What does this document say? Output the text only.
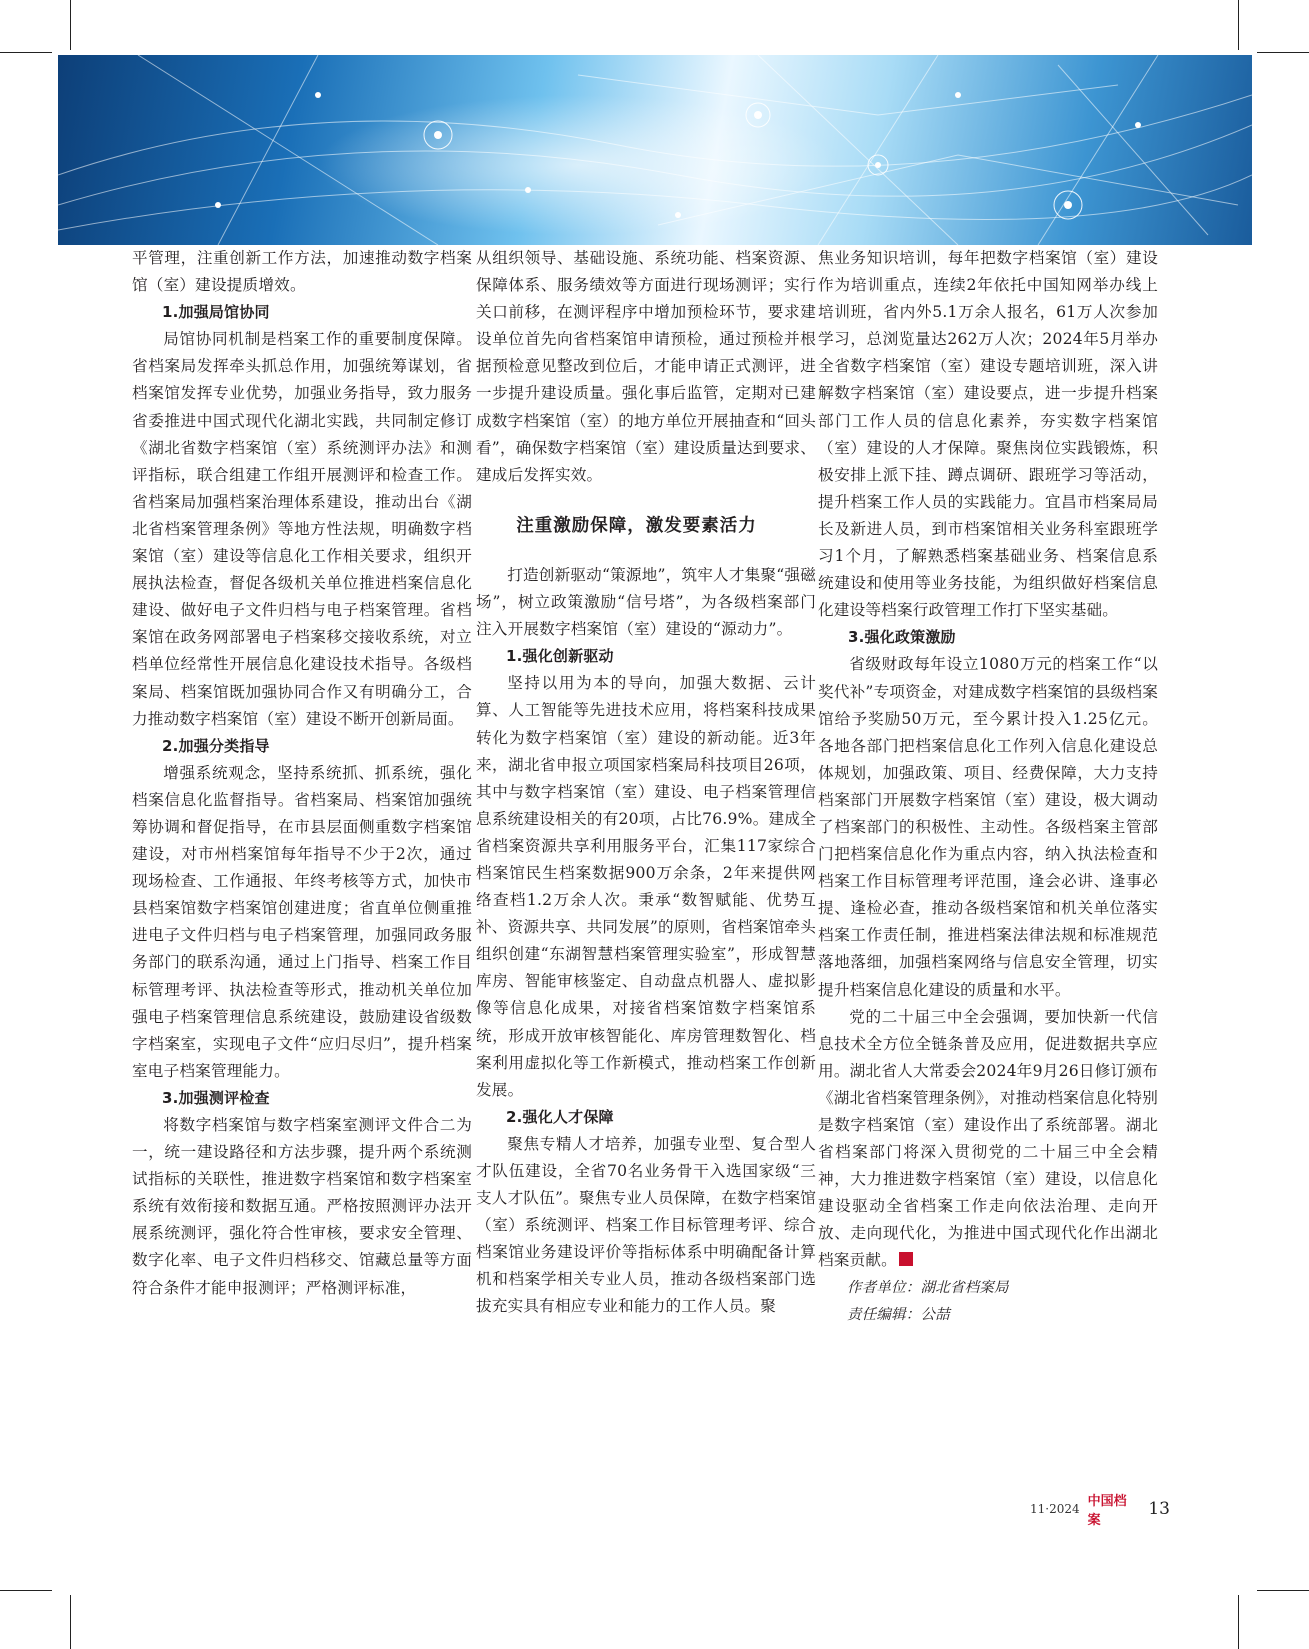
平管理，注重创新工作方法，加速推动数字档案馆（室）建设提质增效。

1.加强局馆协同

局馆协同机制是档案工作的重要制度保障。省档案局发挥牵头抓总作用，加强统筹谋划，省档案馆发挥专业优势，加强业务指导，致力服务省委推进中国式现代化湖北实践，共同制定修订《湖北省数字档案馆（室）系统测评办法》和测评指标，联合组建工作组开展测评和检查工作。省档案局加强档案治理体系建设，推动出台《湖北省档案管理条例》等地方性法规，明确数字档案馆（室）建设等信息化工作相关要求，组织开展执法检查，督促各级机关单位推进档案信息化建设、做好电子文件归档与电子档案管理。省档案馆在政务网部署电子档案移交接收系统，对立档单位经常性开展信息化建设技术指导。各级档案局、档案馆既加强协同合作又有明确分工，合力推动数字档案馆（室）建设不断开创新局面。

2.加强分类指导

增强系统观念，坚持系统抓、抓系统，强化档案信息化监督指导。省档案局、档案馆加强统筹协调和督促指导，在市县层面侧重数字档案馆建设，对市州档案馆每年指导不少于2次，通过现场检查、工作通报、年终考核等方式，加快市县档案馆数字档案馆创建进度；省直单位侧重推进电子文件归档与电子档案管理，加强同政务服务部门的联系沟通，通过上门指导、档案工作目标管理考评、执法检查等形式，推动机关单位加强电子档案管理信息系统建设，鼓励建设省级数字档案室，实现电子文件“应归尽归”，提升档案室电子档案管理能力。

3.加强测评检查

将数字档案馆与数字档案室测评文件合二为一，统一建设路径和方法步骤，提升两个系统测试指标的关联性，推进数字档案馆和数字档案室系统有效衔接和数据互通。严格按照测评办法开展系统测评，强化符合性审核，要求安全管理、数字化率、电子文件归档移交、馆藏总量等方面符合条件才能申报测评；严格测评标准，

从组织领导、基础设施、系统功能、档案资源、保障体系、服务绩效等方面进行现场测评；实行关口前移，在测评程序中增加预检环节，要求建设单位首先向省档案馆申请预检，通过预检并根据预检意见整改到位后，才能申请正式测评，进一步提升建设质量。强化事后监管，定期对已建成数字档案馆（室）的地方单位开展抽查和“回头看”，确保数字档案馆（室）建设质量达到要求、建成后发挥实效。

注重激励保障，激发要素活力

打造创新驱动“策源地”，筑牢人才集聚“强磁场”，树立政策激励“信号塔”，为各级档案部门注入开展数字档案馆（室）建设的“源动力”。

1.强化创新驱动

坚持以用为本的导向，加强大数据、云计算、人工智能等先进技术应用，将档案科技成果转化为数字档案馆（室）建设的新动能。近3年来，湖北省申报立项国家档案局科技项目26项，其中与数字档案馆（室）建设、电子档案管理信息系统建设相关的有20项，占比76.9%。建成全省档案资源共享利用服务平台，汇集117家综合档案馆民生档案数据900万余条，2年来提供网络查档1.2万余人次。秉承“数智赋能、优势互补、资源共享、共同发展”的原则，省档案馆牵头组织创建“东湖智慧档案管理实验室”，形成智慧库房、智能审核鉴定、自动盘点机器人、虚拟影像等信息化成果，对接省档案馆数字档案馆系统，形成开放审核智能化、库房管理数智化、档案利用虚拟化等工作新模式，推动档案工作创新发展。

2.强化人才保障

聚焦专精人才培养，加强专业型、复合型人才队伍建设，全省70名业务骨干入选国家级“三支人才队伍”。聚焦专业人员保障，在数字档案馆（室）系统测评、档案工作目标管理考评、综合档案馆业务建设评价等指标体系中明确配备计算机和档案学相关专业人员，推动各级档案部门选拔充实具有相应专业和能力的工作人员。聚

焦业务知识培训，每年把数字档案馆（室）建设作为培训重点，连续2年依托中国知网举办线上培训班，省内外5.1万余人报名，61万人次参加学习，总浏览量达262万人次；2024年5月举办全省数字档案馆（室）建设专题培训班，深入讲解数字档案馆（室）建设要点，进一步提升档案部门工作人员的信息化素养，夯实数字档案馆（室）建设的人才保障。聚焦岗位实践锻炼，积极安排上派下挂、蹲点调研、跟班学习等活动，提升档案工作人员的实践能力。宜昌市档案局局长及新进人员，到市档案馆相关业务科室跟班学习1个月，了解熟悉档案基础业务、档案信息系统建设和使用等业务技能，为组织做好档案信息化建设等档案行政管理工作打下坚实基础。

3.强化政策激励

省级财政每年设立1080万元的档案工作“以奖代补”专项资金，对建成数字档案馆的县级档案馆给予奖励50万元，至今累计投入1.25亿元。各地各部门把档案信息化工作列入信息化建设总体规划，加强政策、项目、经费保障，大力支持档案部门开展数字档案馆（室）建设，极大调动了档案部门的积极性、主动性。各级档案主管部门把档案信息化作为重点内容，纳入执法检查和档案工作目标管理考评范围，逢会必讲、逢事必提、逢检必查，推动各级档案馆和机关单位落实档案工作责任制，推进档案法律法规和标准规范落地落细，加强档案网络与信息安全管理，切实提升档案信息化建设的质量和水平。

党的二十届三中全会强调，要加快新一代信息技术全方位全链条普及应用，促进数据共享应用。湖北省人大常委会2024年9月26日修订颁布《湖北省档案管理条例》，对推动档案信息化特别是数字档案馆（室）建设作出了系统部署。湖北省档案部门将深入贯彻党的二十届三中全会精神，大力推进数字档案馆（室）建设，以信息化建设驱动全省档案工作走向依法治理、走向开放、走向现代化，为推进中国式现代化作出湖北档案贡献。

作者单位：湖北省档案局

责任编辑：公喆

11·2024 中国档案
13
